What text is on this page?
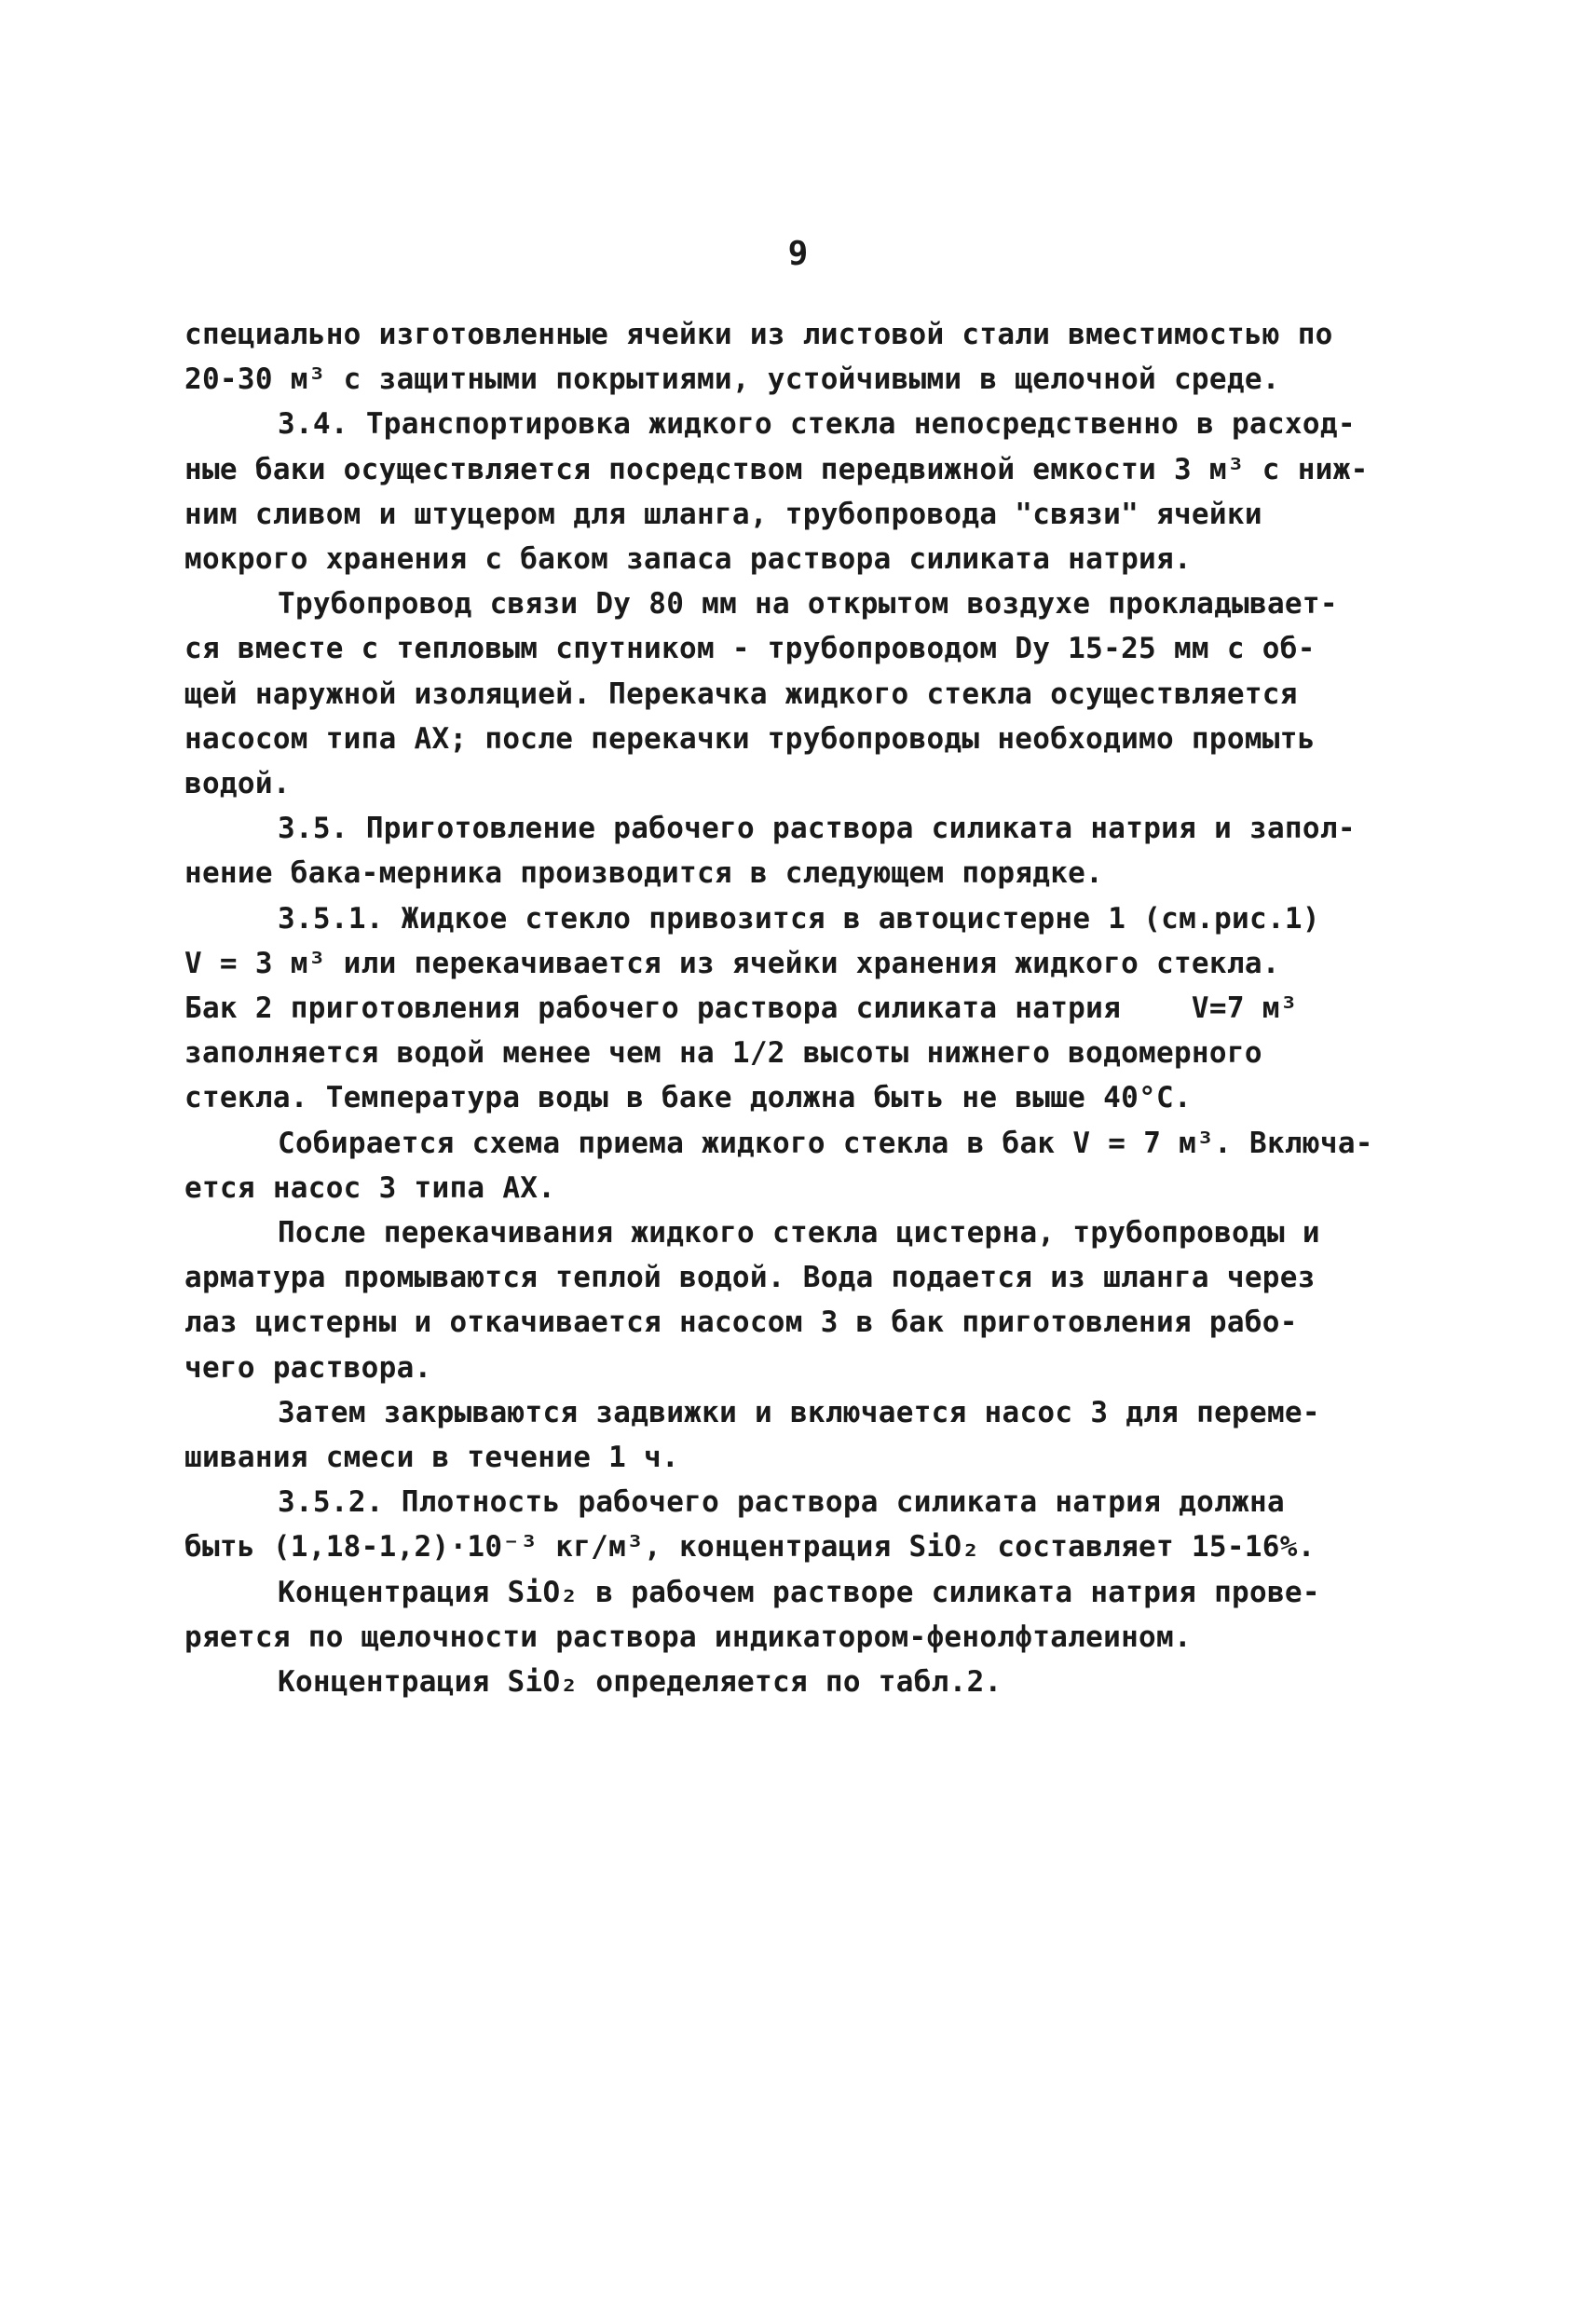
9
специально изготовленные ячейки из листовой стали вместимостью по
20-30 м³ с защитными покрытиями, устойчивыми в щелочной среде.
3.4. Транспортировка жидкого стекла непосредственно в расход-
ные баки осуществляется посредством передвижной емкости 3 м³ с ниж-
ним сливом и штуцером для шланга, трубопровода "связи" ячейки
мокрого хранения с баком запаса раствора силиката натрия.
Трубопровод связи Dу 80 мм на открытом воздухе прокладывает-
ся вместе с тепловым спутником - трубопроводом Dу 15-25 мм с об-
щей наружной изоляцией. Перекачка жидкого стекла осуществляется
насосом типа АХ; после перекачки трубопроводы необходимо промыть
водой.
3.5. Приготовление рабочего раствора силиката натрия и запол-
нение бака-мерника производится в следующем порядке.
3.5.1. Жидкое стекло привозится в автоцистерне 1 (см.рис.1)
V = 3 м³ или перекачивается из ячейки хранения жидкого стекла.
Бак 2 приготовления рабочего раствора силиката натрия    V=7 м³
заполняется водой менее чем на 1/2 высоты нижнего водомерного
стекла. Температура воды в баке должна быть не выше 40°С.
Собирается схема приема жидкого стекла в бак V = 7 м³. Включа-
ется насос 3 типа АХ.
После перекачивания жидкого стекла цистерна, трубопроводы и
арматура промываются теплой водой. Вода подается из шланга через
лаз цистерны и откачивается насосом 3 в бак приготовления рабо-
чего раствора.
Затем закрываются задвижки и включается насос 3 для переме-
шивания смеси в течение 1 ч.
3.5.2. Плотность рабочего раствора силиката натрия должна
быть (1,18-1,2)·10⁻³ кг/м³, концентрация SiO₂ составляет 15-16%.
Концентрация SiO₂ в рабочем растворе силиката натрия прове-
ряется по щелочности раствора индикатором-фенолфталеином.
Концентрация SiO₂ определяется по табл.2.
